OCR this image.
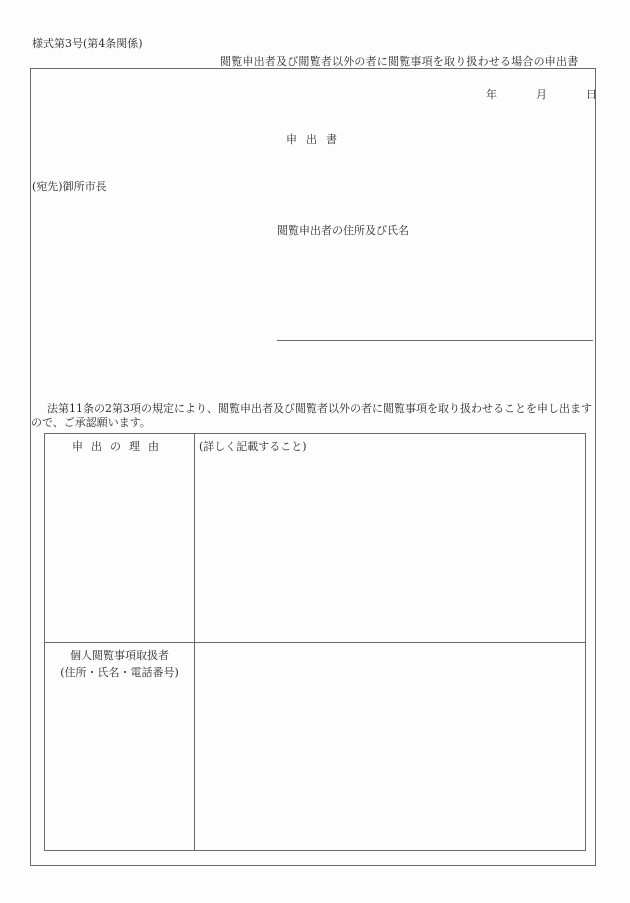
様式第3号(第4条関係)
閲覧申出者及び閲覧者以外の者に閲覧事項を取り扱わせる場合の申出書
年	月	日
申出書
(宛先)御所市長
閲覧申出者の住所及び氏名
法第11条の2第3項の規定により、閲覧申出者及び閲覧者以外の者に閲覧事項を取り扱わせることを申し出ますので、ご承認願います。
申出の理由	(詳しく記載すること)
個人閲覧事項取扱者
(住所・氏名・電話番号)
